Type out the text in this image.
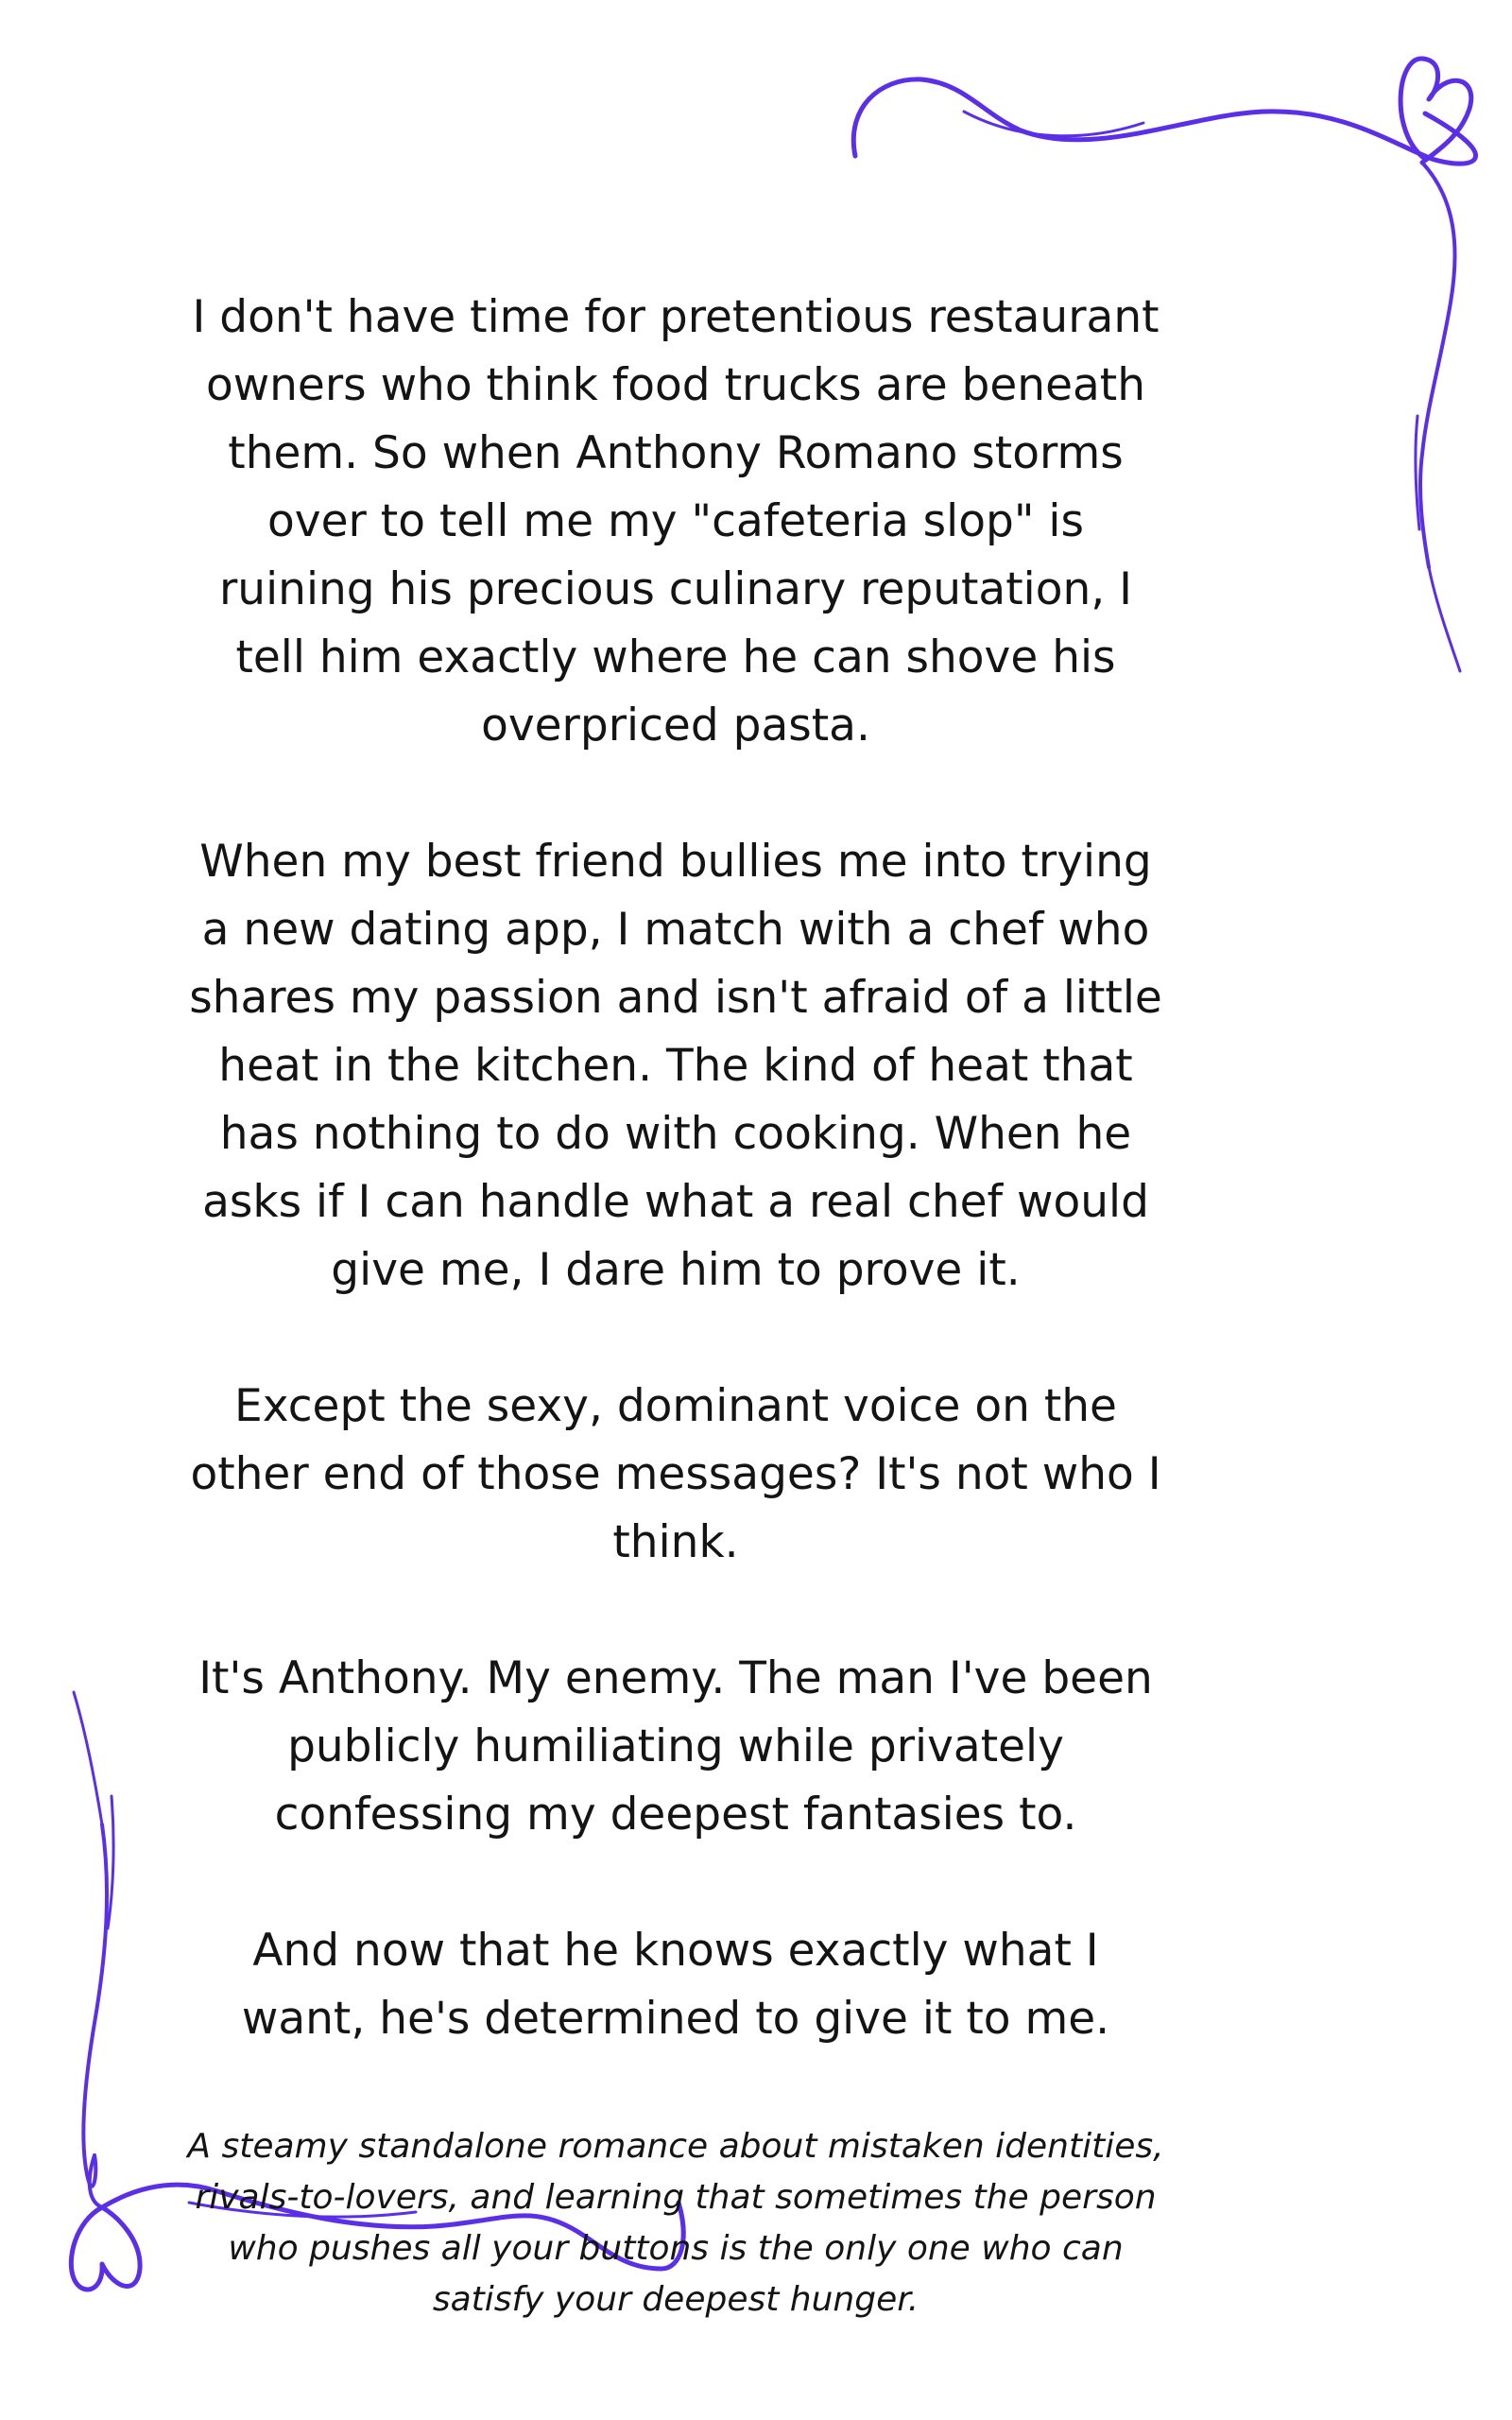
I don't have time for pretentious restaurant owners who think food trucks are beneath them. So when Anthony Romano storms over to tell me my "cafeteria slop" is ruining his precious culinary reputation, I tell him exactly where he can shove his overpriced pasta.

When my best friend bullies me into trying a new dating app, I match with a chef who shares my passion and isn't afraid of a little heat in the kitchen. The kind of heat that has nothing to do with cooking. When he asks if I can handle what a real chef would give me, I dare him to prove it.

Except the sexy, dominant voice on the other end of those messages? It's not who I think.

It's Anthony. My enemy. The man I've been publicly humiliating while privately confessing my deepest fantasies to.

And now that he knows exactly what I want, he's determined to give it to me.

A steamy standalone romance about mistaken identities, rivals-to-lovers, and learning that sometimes the person who pushes all your buttons is the only one who can satisfy your deepest hunger.
